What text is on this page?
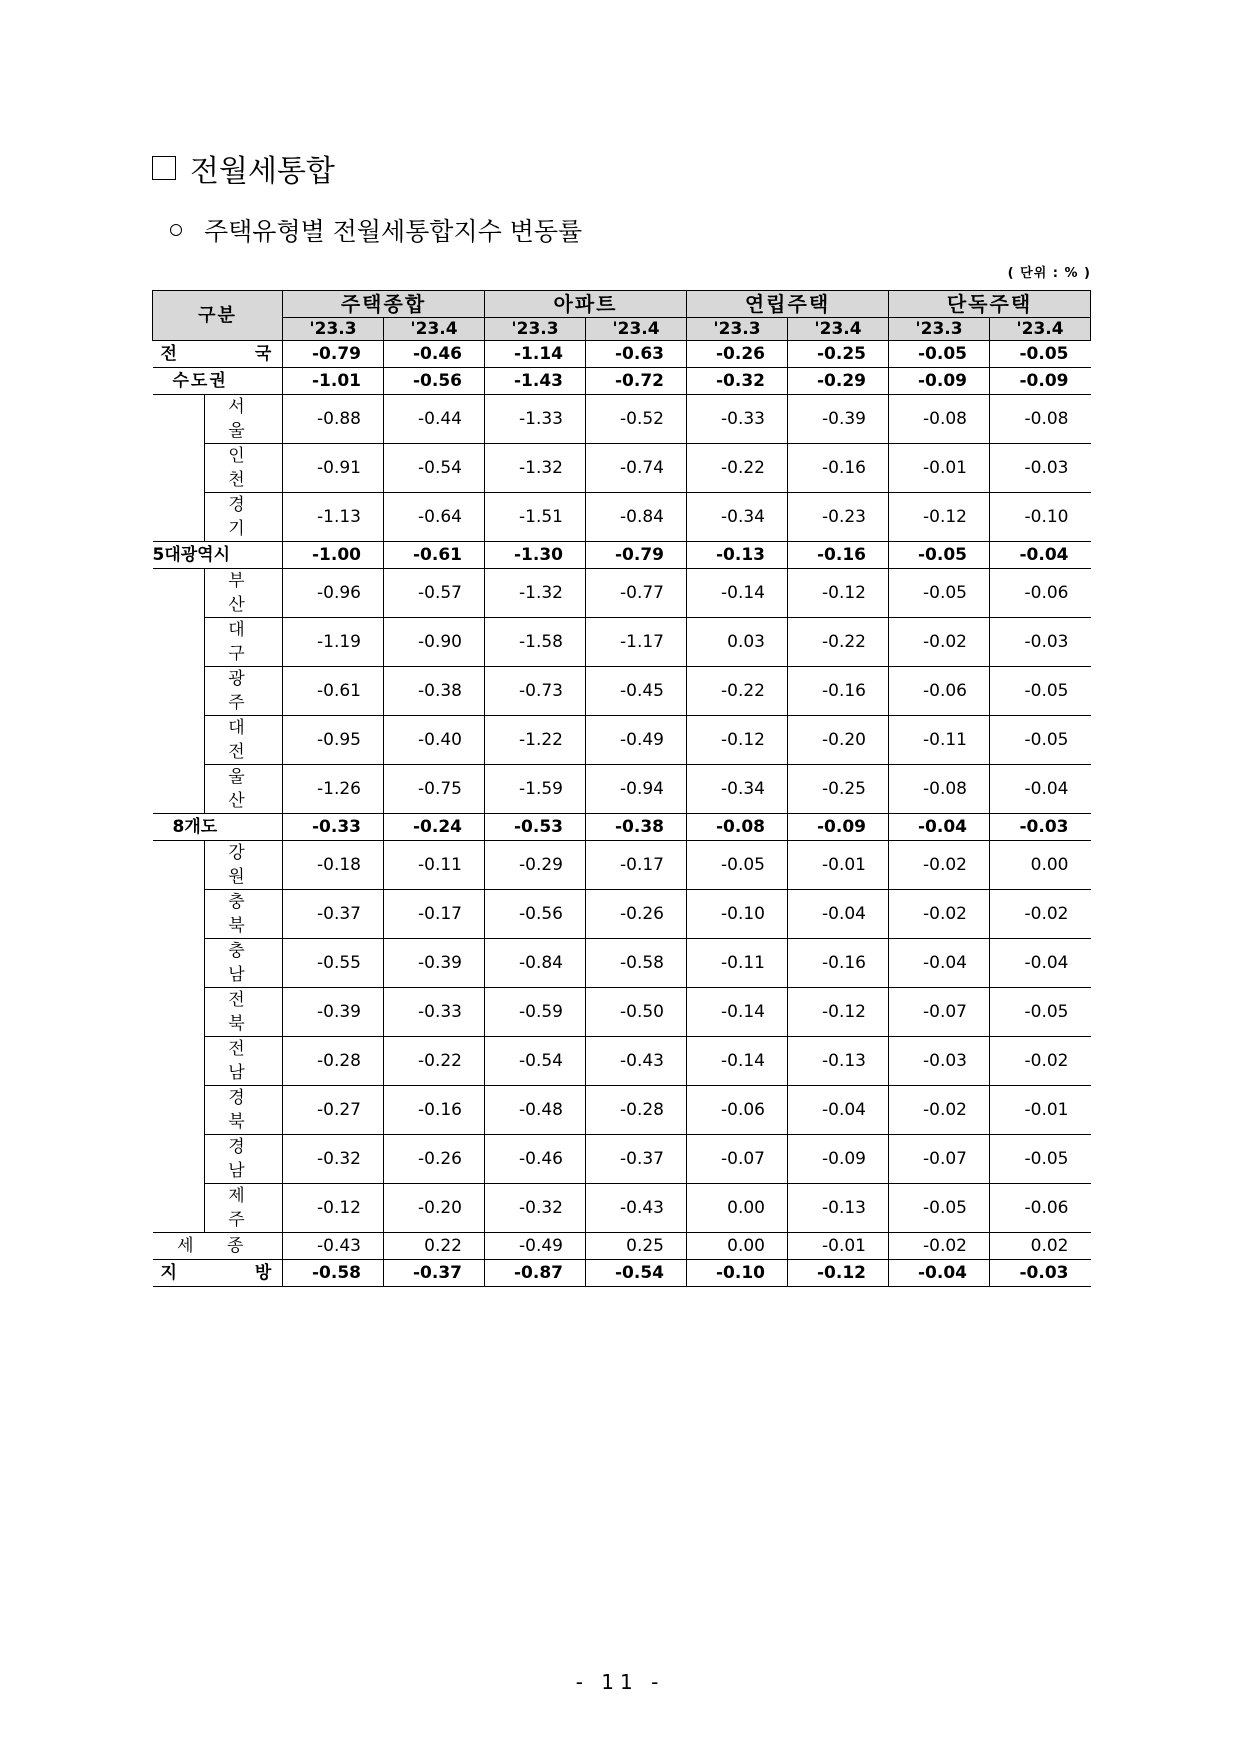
전월세통합
주택유형별 전월세통합지수 변동률
( 단위 : % )
구분		주택종합		아파트		연립주택		단독주택	
		'23.3	'23.4	'23.3	'23.4	'23.3	'23.4	'23.3	'23.4
전 국		-0.79	-0.46	-1.14	-0.63	-0.26	-0.25	-0.05	-0.05
수도권		-1.01	-0.56	-1.43	-0.72	-0.32	-0.29	-0.09	-0.09
	서 울	-0.88	-0.44	-1.33	-0.52	-0.33	-0.39	-0.08	-0.08
	인 천	-0.91	-0.54	-1.32	-0.74	-0.22	-0.16	-0.01	-0.03
	경 기	-1.13	-0.64	-1.51	-0.84	-0.34	-0.23	-0.12	-0.10
5대광역시		-1.00	-0.61	-1.30	-0.79	-0.13	-0.16	-0.05	-0.04
	부 산	-0.96	-0.57	-1.32	-0.77	-0.14	-0.12	-0.05	-0.06
	대 구	-1.19	-0.90	-1.58	-1.17	0.03	-0.22	-0.02	-0.03
	광 주	-0.61	-0.38	-0.73	-0.45	-0.22	-0.16	-0.06	-0.05
	대 전	-0.95	-0.40	-1.22	-0.49	-0.12	-0.20	-0.11	-0.05
	울 산	-1.26	-0.75	-1.59	-0.94	-0.34	-0.25	-0.08	-0.04
8개도		-0.33	-0.24	-0.53	-0.38	-0.08	-0.09	-0.04	-0.03
	강 원	-0.18	-0.11	-0.29	-0.17	-0.05	-0.01	-0.02	0.00
	충 북	-0.37	-0.17	-0.56	-0.26	-0.10	-0.04	-0.02	-0.02
	충 남	-0.55	-0.39	-0.84	-0.58	-0.11	-0.16	-0.04	-0.04
	전 북	-0.39	-0.33	-0.59	-0.50	-0.14	-0.12	-0.07	-0.05
	전 남	-0.28	-0.22	-0.54	-0.43	-0.14	-0.13	-0.03	-0.02
	경 북	-0.27	-0.16	-0.48	-0.28	-0.06	-0.04	-0.02	-0.01
	경 남	-0.32	-0.26	-0.46	-0.37	-0.07	-0.09	-0.07	-0.05
	제 주	-0.12	-0.20	-0.32	-0.43	0.00	-0.13	-0.05	-0.06
세 종		-0.43	0.22	-0.49	0.25	0.00	-0.01	-0.02	0.02
지 방		-0.58	-0.37	-0.87	-0.54	-0.10	-0.12	-0.04	-0.03
- 11 -
